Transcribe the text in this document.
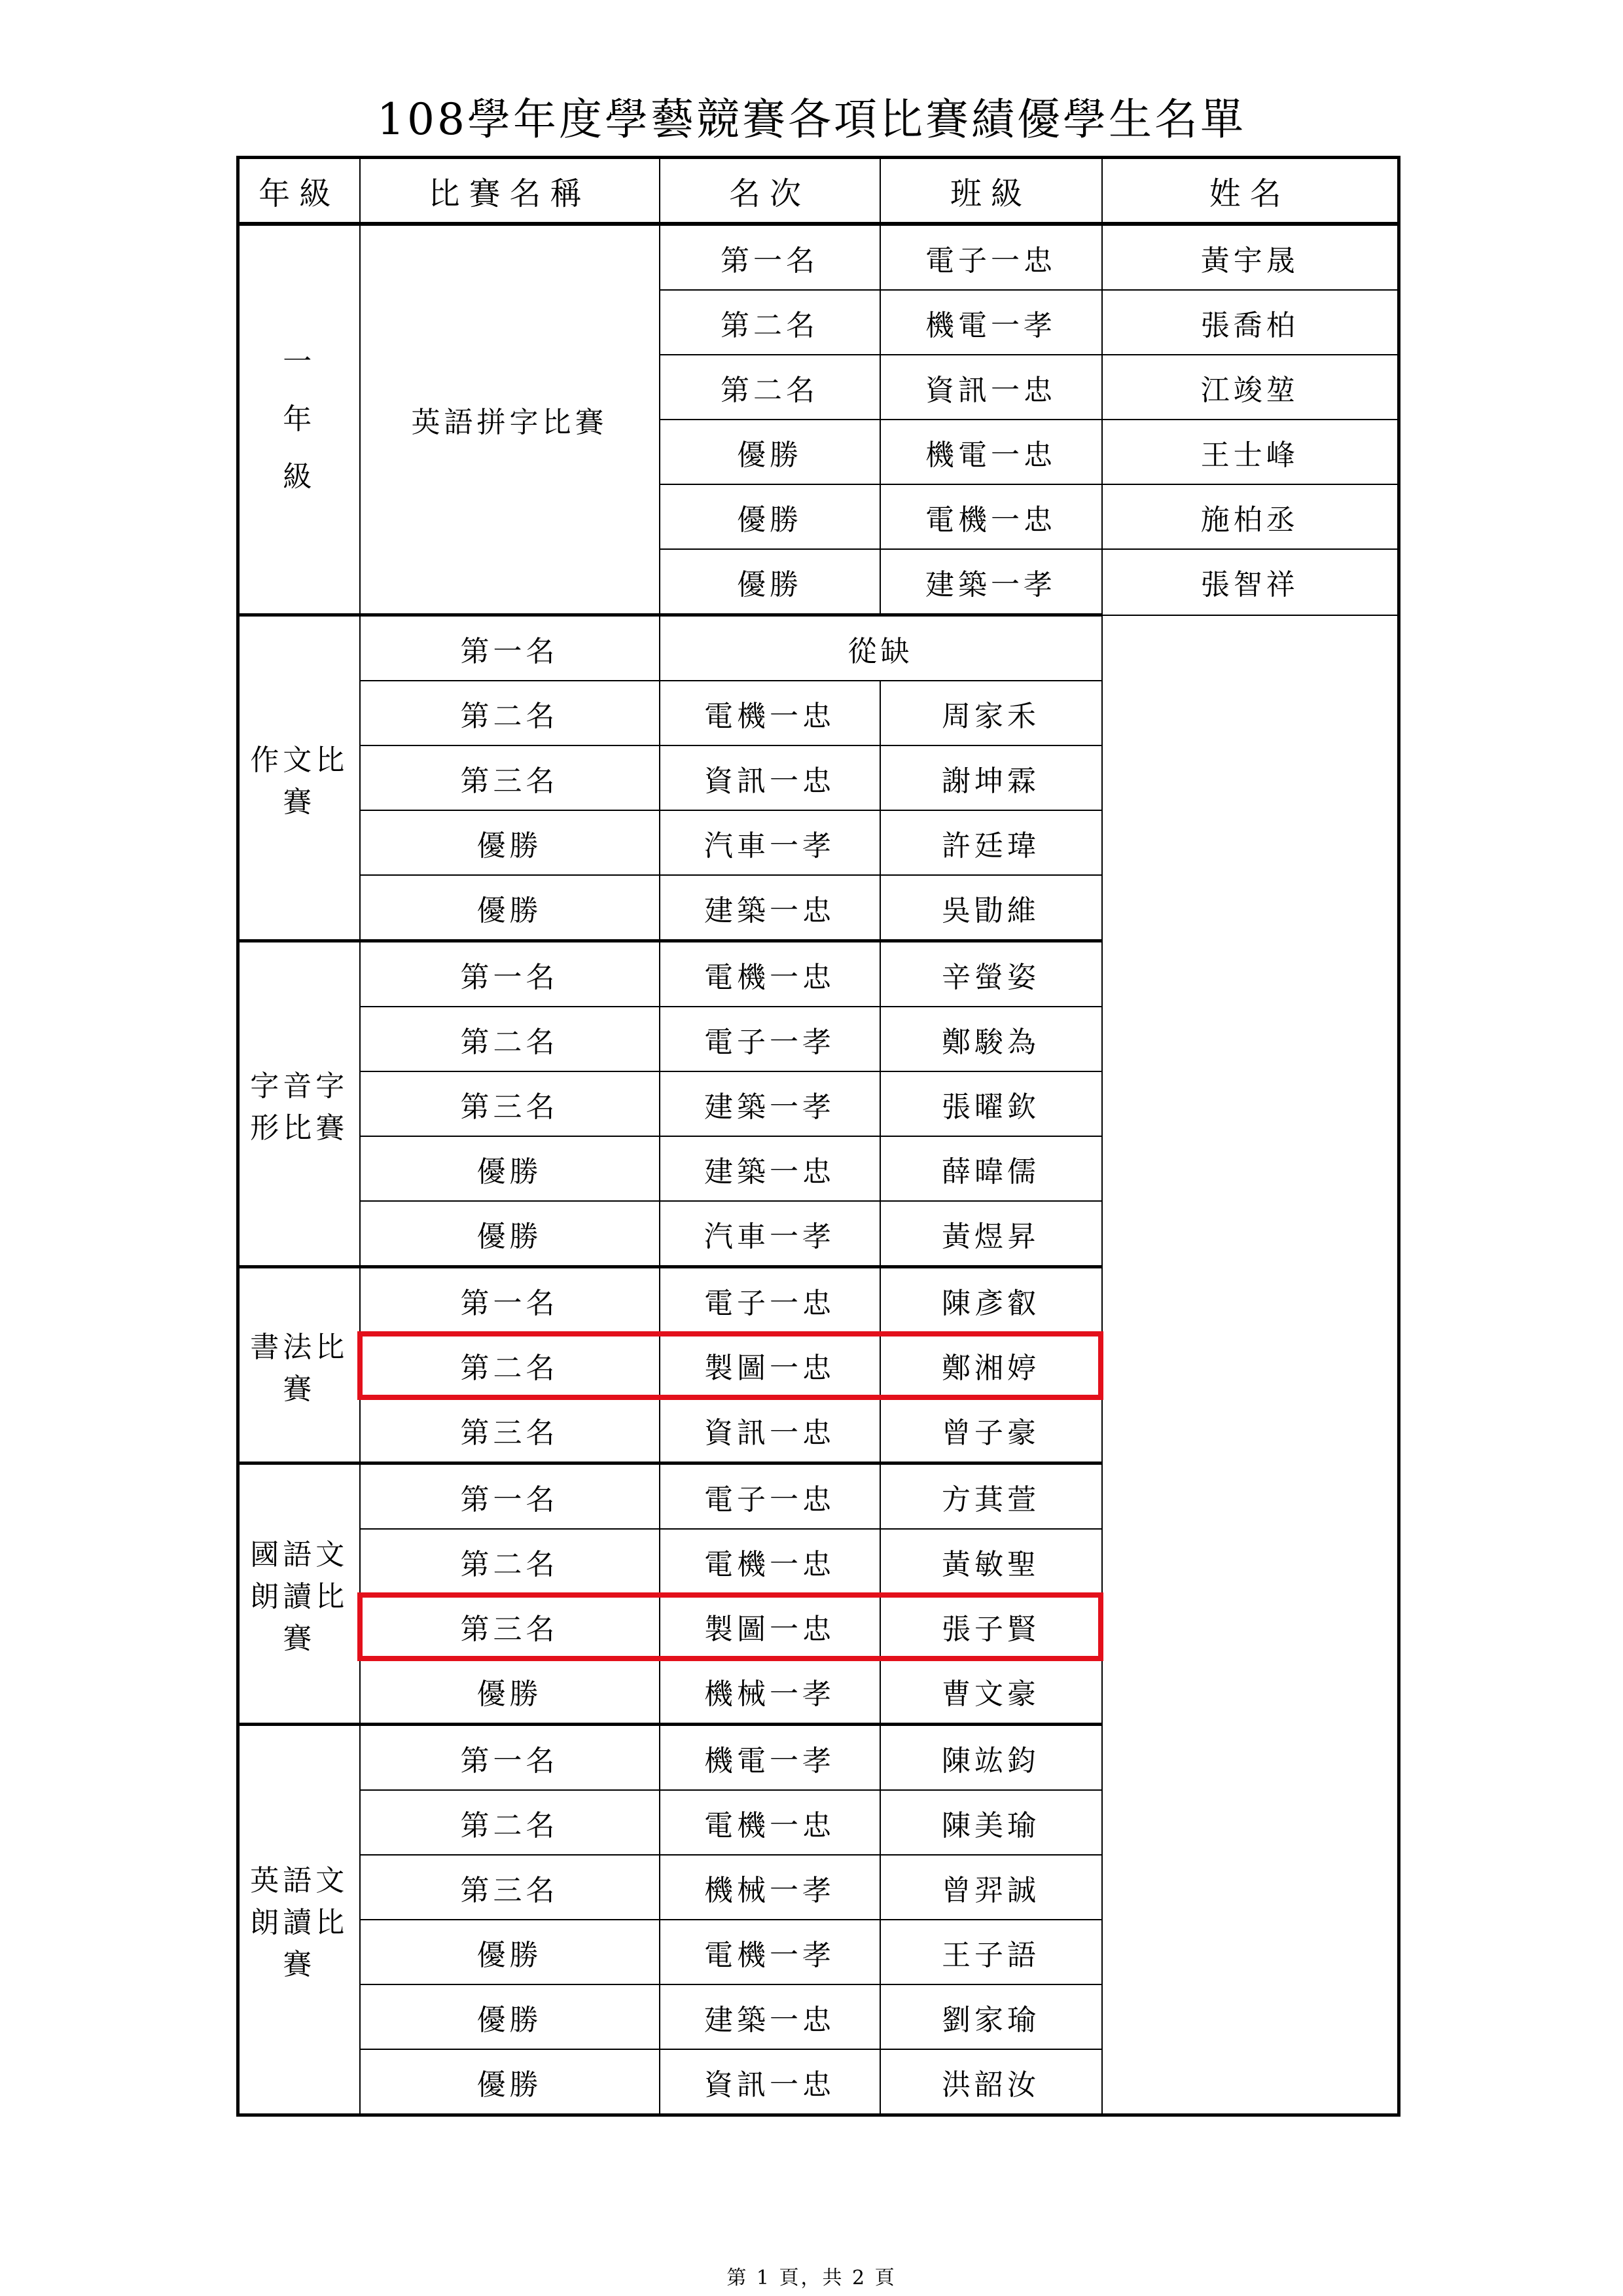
108學年度學藝競賽各項比賽績優學生名單
年級	比賽名稱	名次	班級	姓名

一
年
級	英語拼字比賽	第一名	電子一忠	黃宇晟
		第二名	機電一孝	張喬柏
		第二名	資訊一忠	江竣堃
		優勝	機電一忠	王士峰
		優勝	電機一忠	施柏丞
		優勝	建築一孝	張智祥
作文比賽	第一名	從缺		
	第二名	電機一忠	周家禾	
	第三名	資訊一忠	謝坤霖	
	優勝	汽車一孝	許廷瑋	
	優勝	建築一忠	吳勖維	
字音字形比賽	第一名	電機一忠	辛螢姿	
	第二名	電子一孝	鄭駿為	
	第三名	建築一孝	張曜欽	
	優勝	建築一忠	薛暐儒	
	優勝	汽車一孝	黃煜昇	
書法比賽	第一名	電子一忠	陳彥叡	
	第二名	製圖一忠	鄭湘婷	
	第三名	資訊一忠	曾子豪	
國語文朗讀比賽	第一名	電子一忠	方萁萱	
	第二名	電機一忠	黃敏聖	
	第三名	製圖一忠	張子賢	
	優勝	機械一孝	曹文豪	
英語文朗讀比賽	第一名	機電一孝	陳竑鈞	
	第二名	電機一忠	陳美瑜	
	第三名	機械一孝	曾羿誠	
	優勝	電機一孝	王子語	
	優勝	建築一忠	劉家瑜	
	優勝	資訊一忠	洪韶汝	
第 1 頁，共 2 頁
